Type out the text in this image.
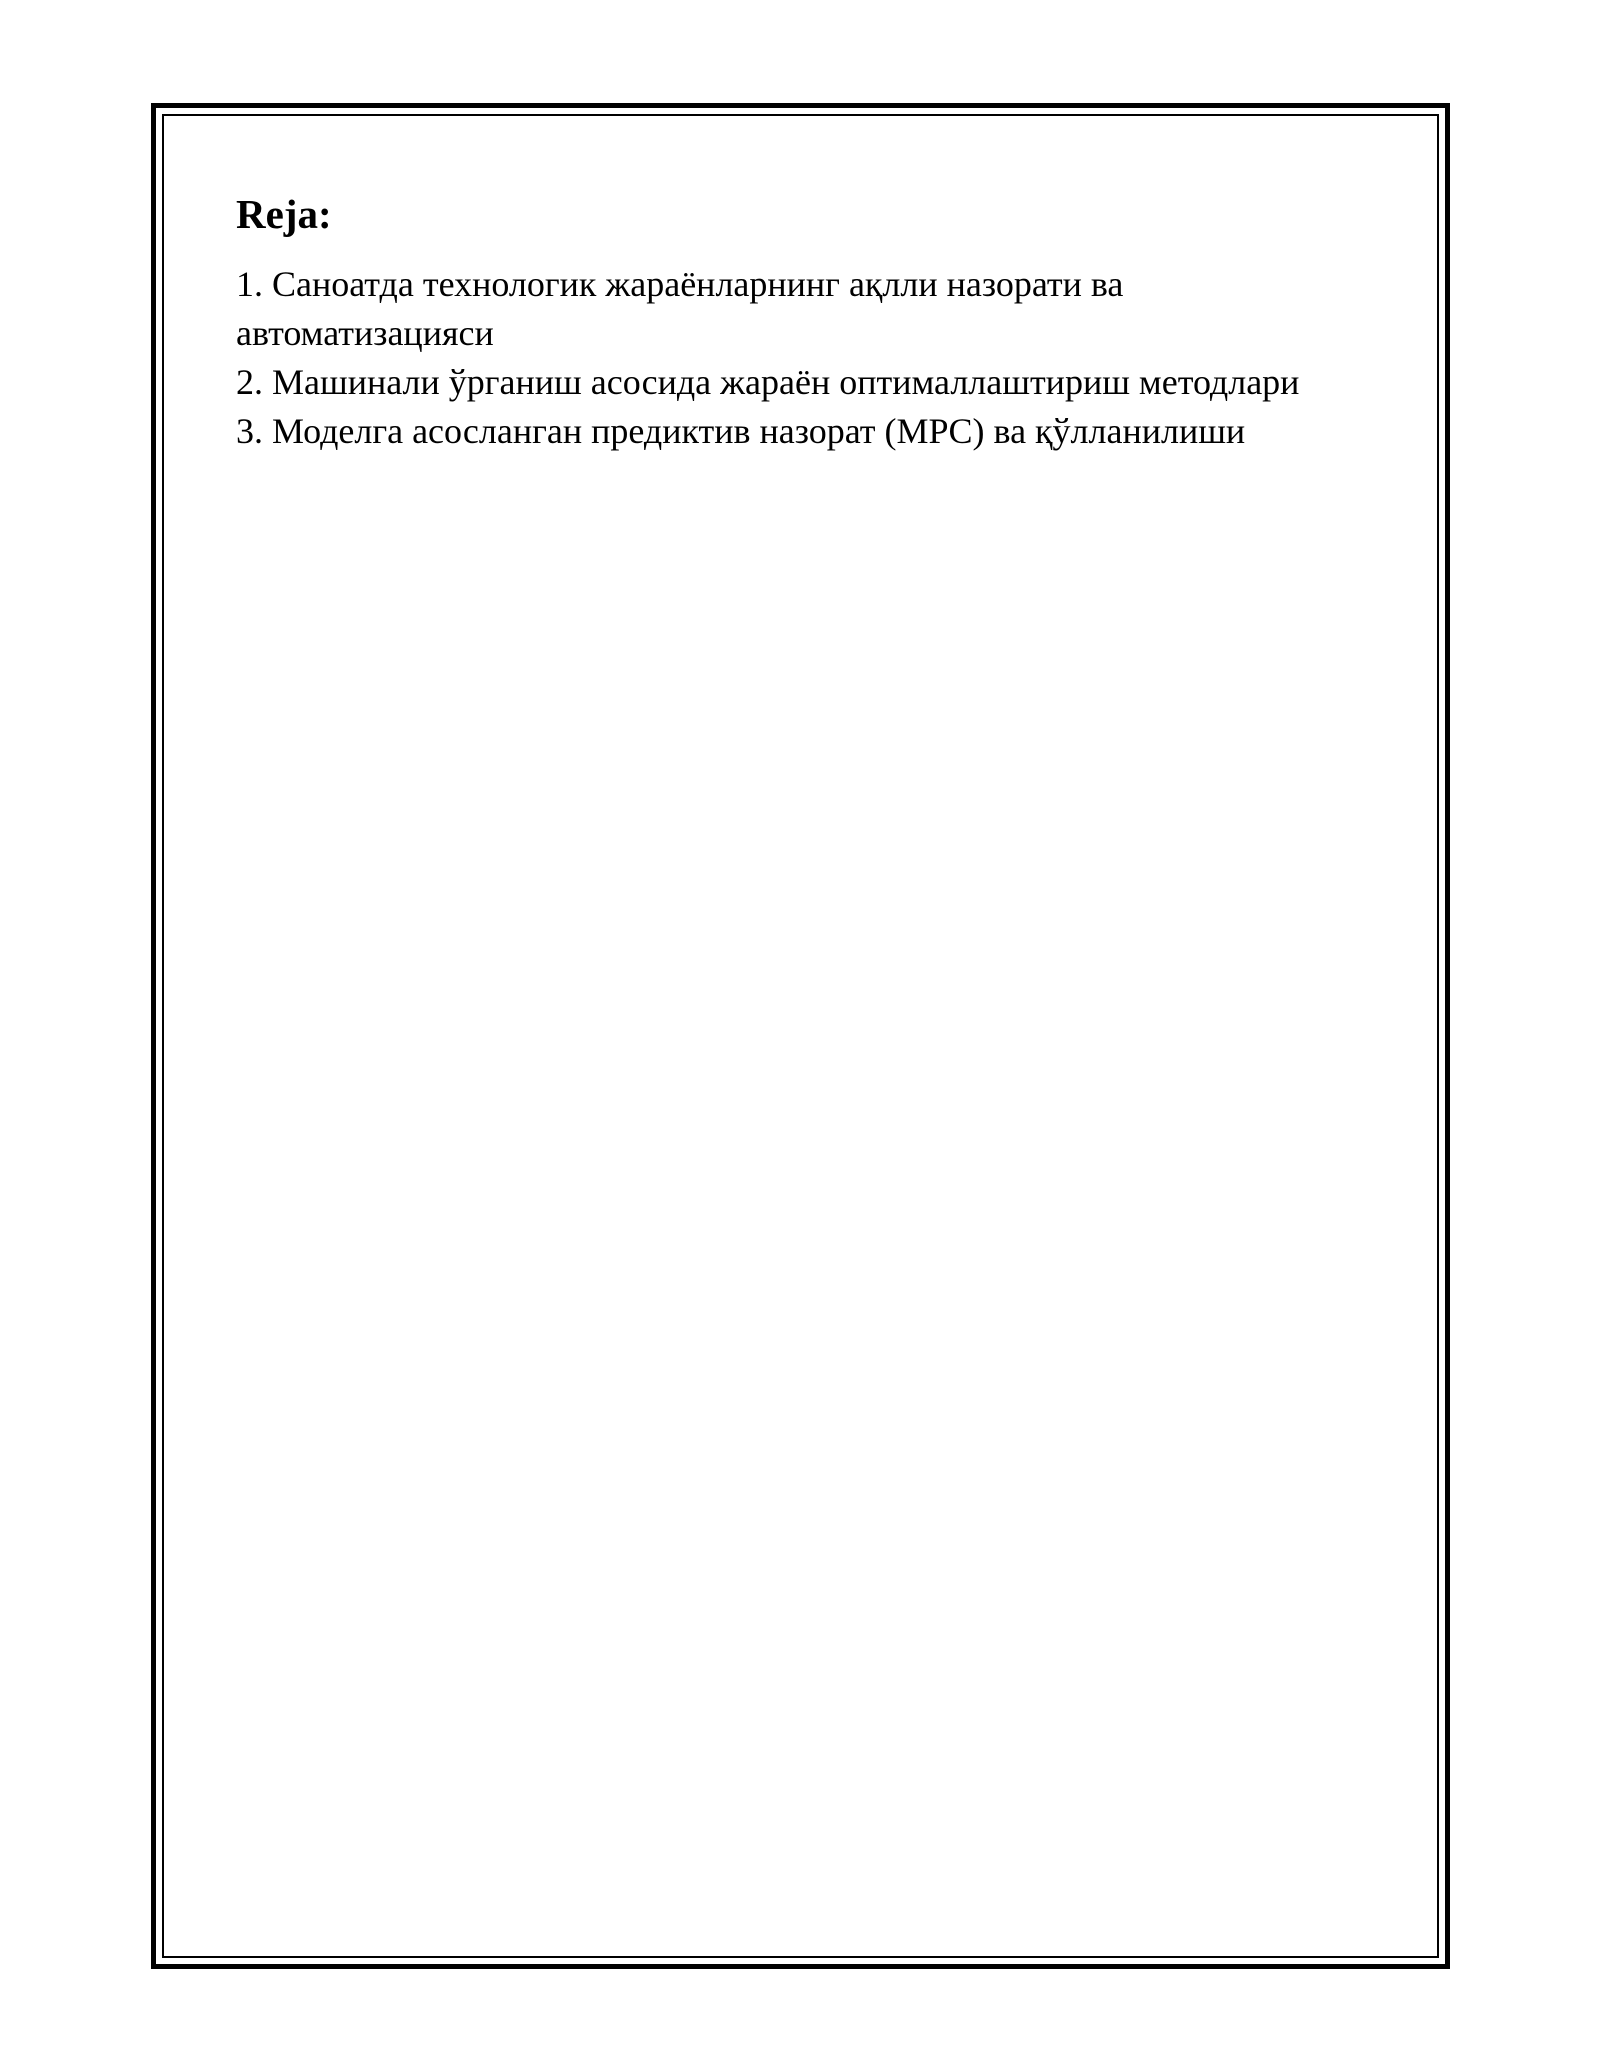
Reja:
1. Саноатда технологик жараёнларнинг ақлли назорати ва автоматизацияси
2. Машинали ўрганиш асосида жараён оптималлаштириш методлари
3. Моделга асосланган предиктив назорат (MPC) ва қўлланилиши
